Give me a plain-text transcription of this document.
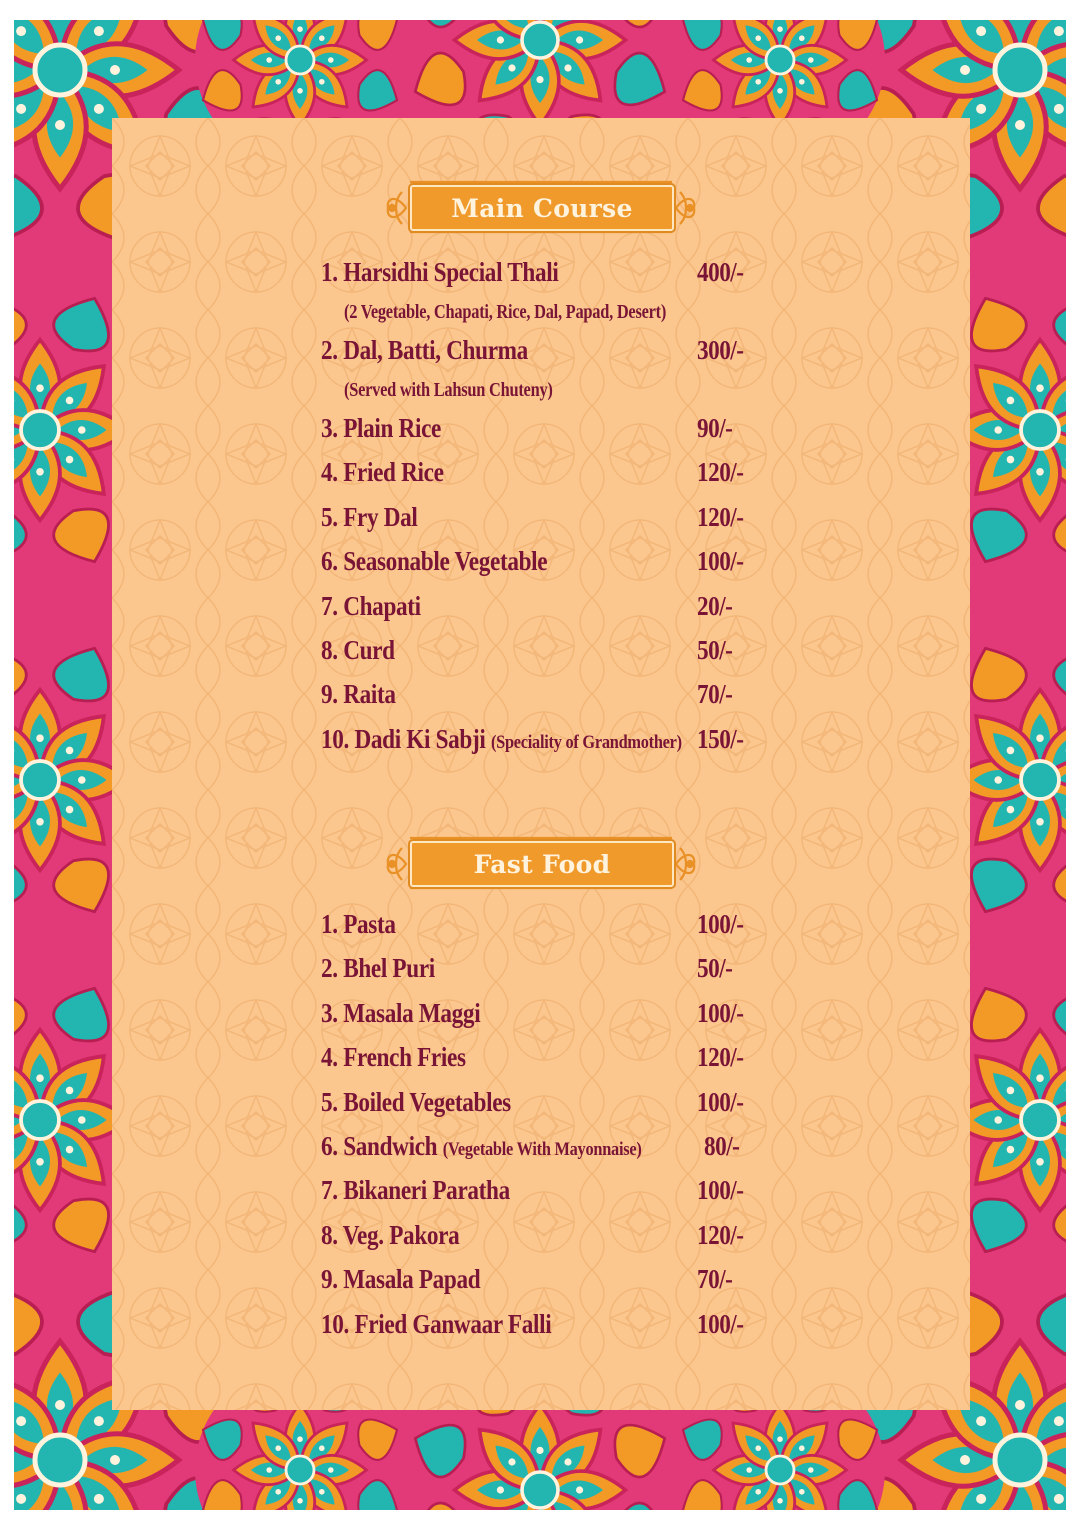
Main Course
1. Harsidhi Special Thali	400/-
(2 Vegetable, Chapati, Rice, Dal, Papad, Desert)
2. Dal, Batti, Churma	300/-
(Served with Lahsun Chuteny)
3. Plain Rice	90/-
4. Fried Rice	120/-
5. Fry Dal	120/-
6. Seasonable Vegetable	100/-
7. Chapati	20/-
8. Curd	50/-
9. Raita	70/-
10. Dadi Ki Sabji (Speciality of Grandmother) 150/-
Fast Food
1. Pasta	100/-
2. Bhel Puri	50/-
3. Masala Maggi	100/-
4. French Fries	120/-
5. Boiled Vegetables	100/-
6. Sandwich (Vegetable With Mayonnaise) 80/-
7. Bikaneri Paratha	100/-
8. Veg. Pakora	120/-
9. Masala Papad	70/-
10. Fried Ganwaar Falli	100/-
